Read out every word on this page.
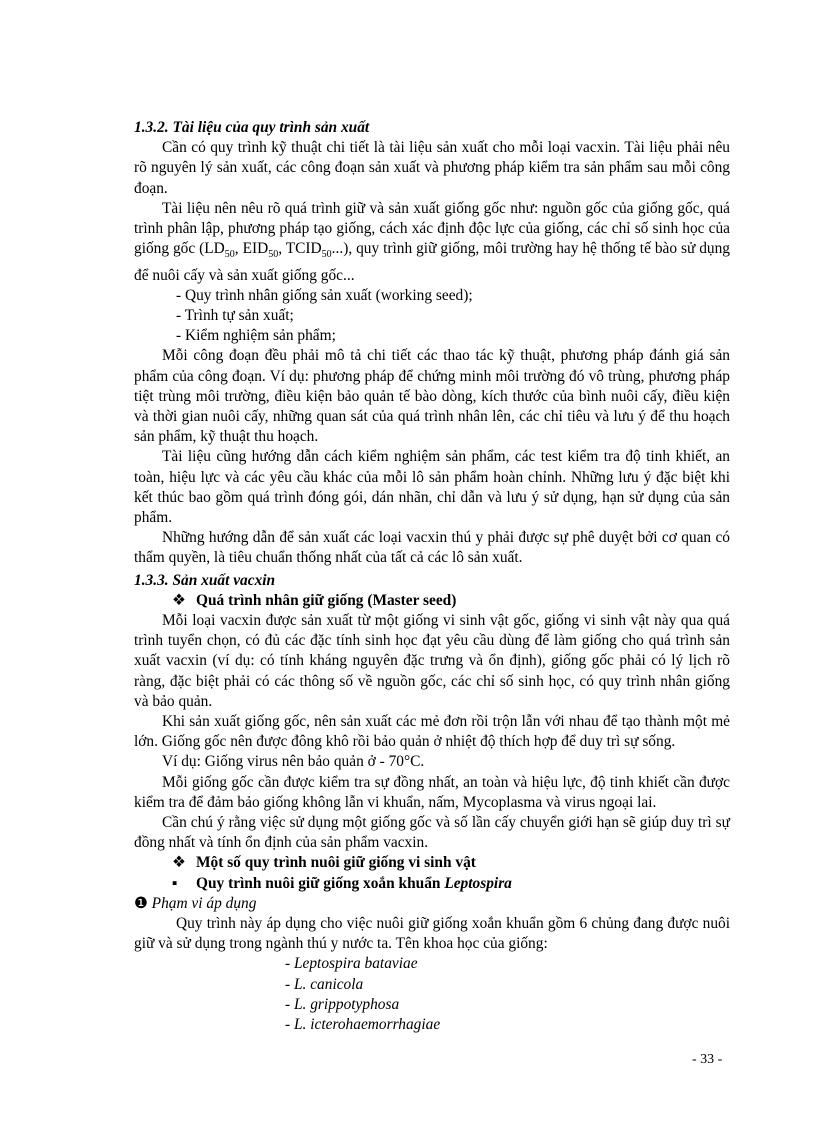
1.3.2. Tài liệu của quy trình sản xuất

Cần có quy trình kỹ thuật chi tiết là tài liệu sản xuất cho mỗi loại vacxin. Tài liệu phải nêu rõ nguyên lý sản xuất, các công đoạn sản xuất và phương pháp kiểm tra sản phẩm sau mỗi công đoạn.

Tài liệu nên nêu rõ quá trình giữ và sản xuất giống gốc như: nguồn gốc của giống gốc, quá trình phân lập, phương pháp tạo giống, cách xác định độc lực của giống, các chỉ số sinh học của giống gốc ($LD_{50}$, $EID_{50}$, $TCID_{50}$...), quy trình giữ giống, môi trường hay hệ thống tế bào sử dụng để nuôi cấy và sản xuất giống gốc...

- Quy trình nhân giống sản xuất (working seed);

- Trình tự sản xuất;

- Kiểm nghiệm sản phẩm;

Mỗi công đoạn đều phải mô tả chi tiết các thao tác kỹ thuật, phương pháp đánh giá sản phẩm của công đoạn. Ví dụ: phương pháp để chứng minh môi trường đó vô trùng, phương pháp tiệt trùng môi trường, điều kiện bảo quản tế bào dòng, kích thước của bình nuôi cấy, điều kiện và thời gian nuôi cấy, những quan sát của quá trình nhân lên, các chỉ tiêu và lưu ý để thu hoạch sản phẩm, kỹ thuật thu hoạch.

Tài liệu cũng hướng dẫn cách kiểm nghiệm sản phẩm, các test kiểm tra độ tinh khiết, an toàn, hiệu lực và các yêu cầu khác của mỗi lô sản phẩm hoàn chỉnh. Những lưu ý đặc biệt khi kết thúc bao gồm quá trình đóng gói, dán nhãn, chỉ dẫn và lưu ý sử dụng, hạn sử dụng của sản phẩm.

Những hướng dẫn để sản xuất các loại vacxin thú y phải được sự phê duyệt bởi cơ quan có thẩm quyền, là tiêu chuẩn thống nhất của tất cả các lô sản xuất.

1.3.3. Sản xuất vacxin

❖ Quá trình nhân giữ giống (Master seed)

Mỗi loại vacxin được sản xuất từ một giống vi sinh vật gốc, giống vi sinh vật này qua quá trình tuyển chọn, có đủ các đặc tính sinh học đạt yêu cầu dùng để làm giống cho quá trình sản xuất vacxin (ví dụ: có tính kháng nguyên đặc trưng và ổn định), giống gốc phải có lý lịch rõ ràng, đặc biệt phải có các thông số về nguồn gốc, các chỉ số sinh học, có quy trình nhân giống và bảo quản.

Khi sản xuất giống gốc, nên sản xuất các mẻ đơn rồi trộn lẫn với nhau để tạo thành một mẻ lớn. Giống gốc nên được đông khô rồi bảo quản ở nhiệt độ thích hợp để duy trì sự sống.

Ví dụ: Giống virus nên bảo quản ở - 70°C.

Mỗi giống gốc cần được kiểm tra sự đồng nhất, an toàn và hiệu lực, độ tinh khiết cần được kiểm tra để đảm bảo giống không lẫn vi khuẩn, nấm, Mycoplasma và virus ngoại lai.

Cần chú ý rằng việc sử dụng một giống gốc và số lần cấy chuyển giới hạn sẽ giúp duy trì sự đồng nhất và tính ổn định của sản phẩm vacxin.

❖ Một số quy trình nuôi giữ giống vi sinh vật

▪ Quy trình nuôi giữ giống xoắn khuẩn Leptospira

❶ Phạm vi áp dụng

Quy trình này áp dụng cho việc nuôi giữ giống xoắn khuẩn gồm 6 chủng đang được nuôi giữ và sử dụng trong ngành thú y nước ta. Tên khoa học của giống:

- Leptospira bataviae

- L. canicola

- L. grippotyphosa

- L. icterohaemorrhagiae

- 33 -
